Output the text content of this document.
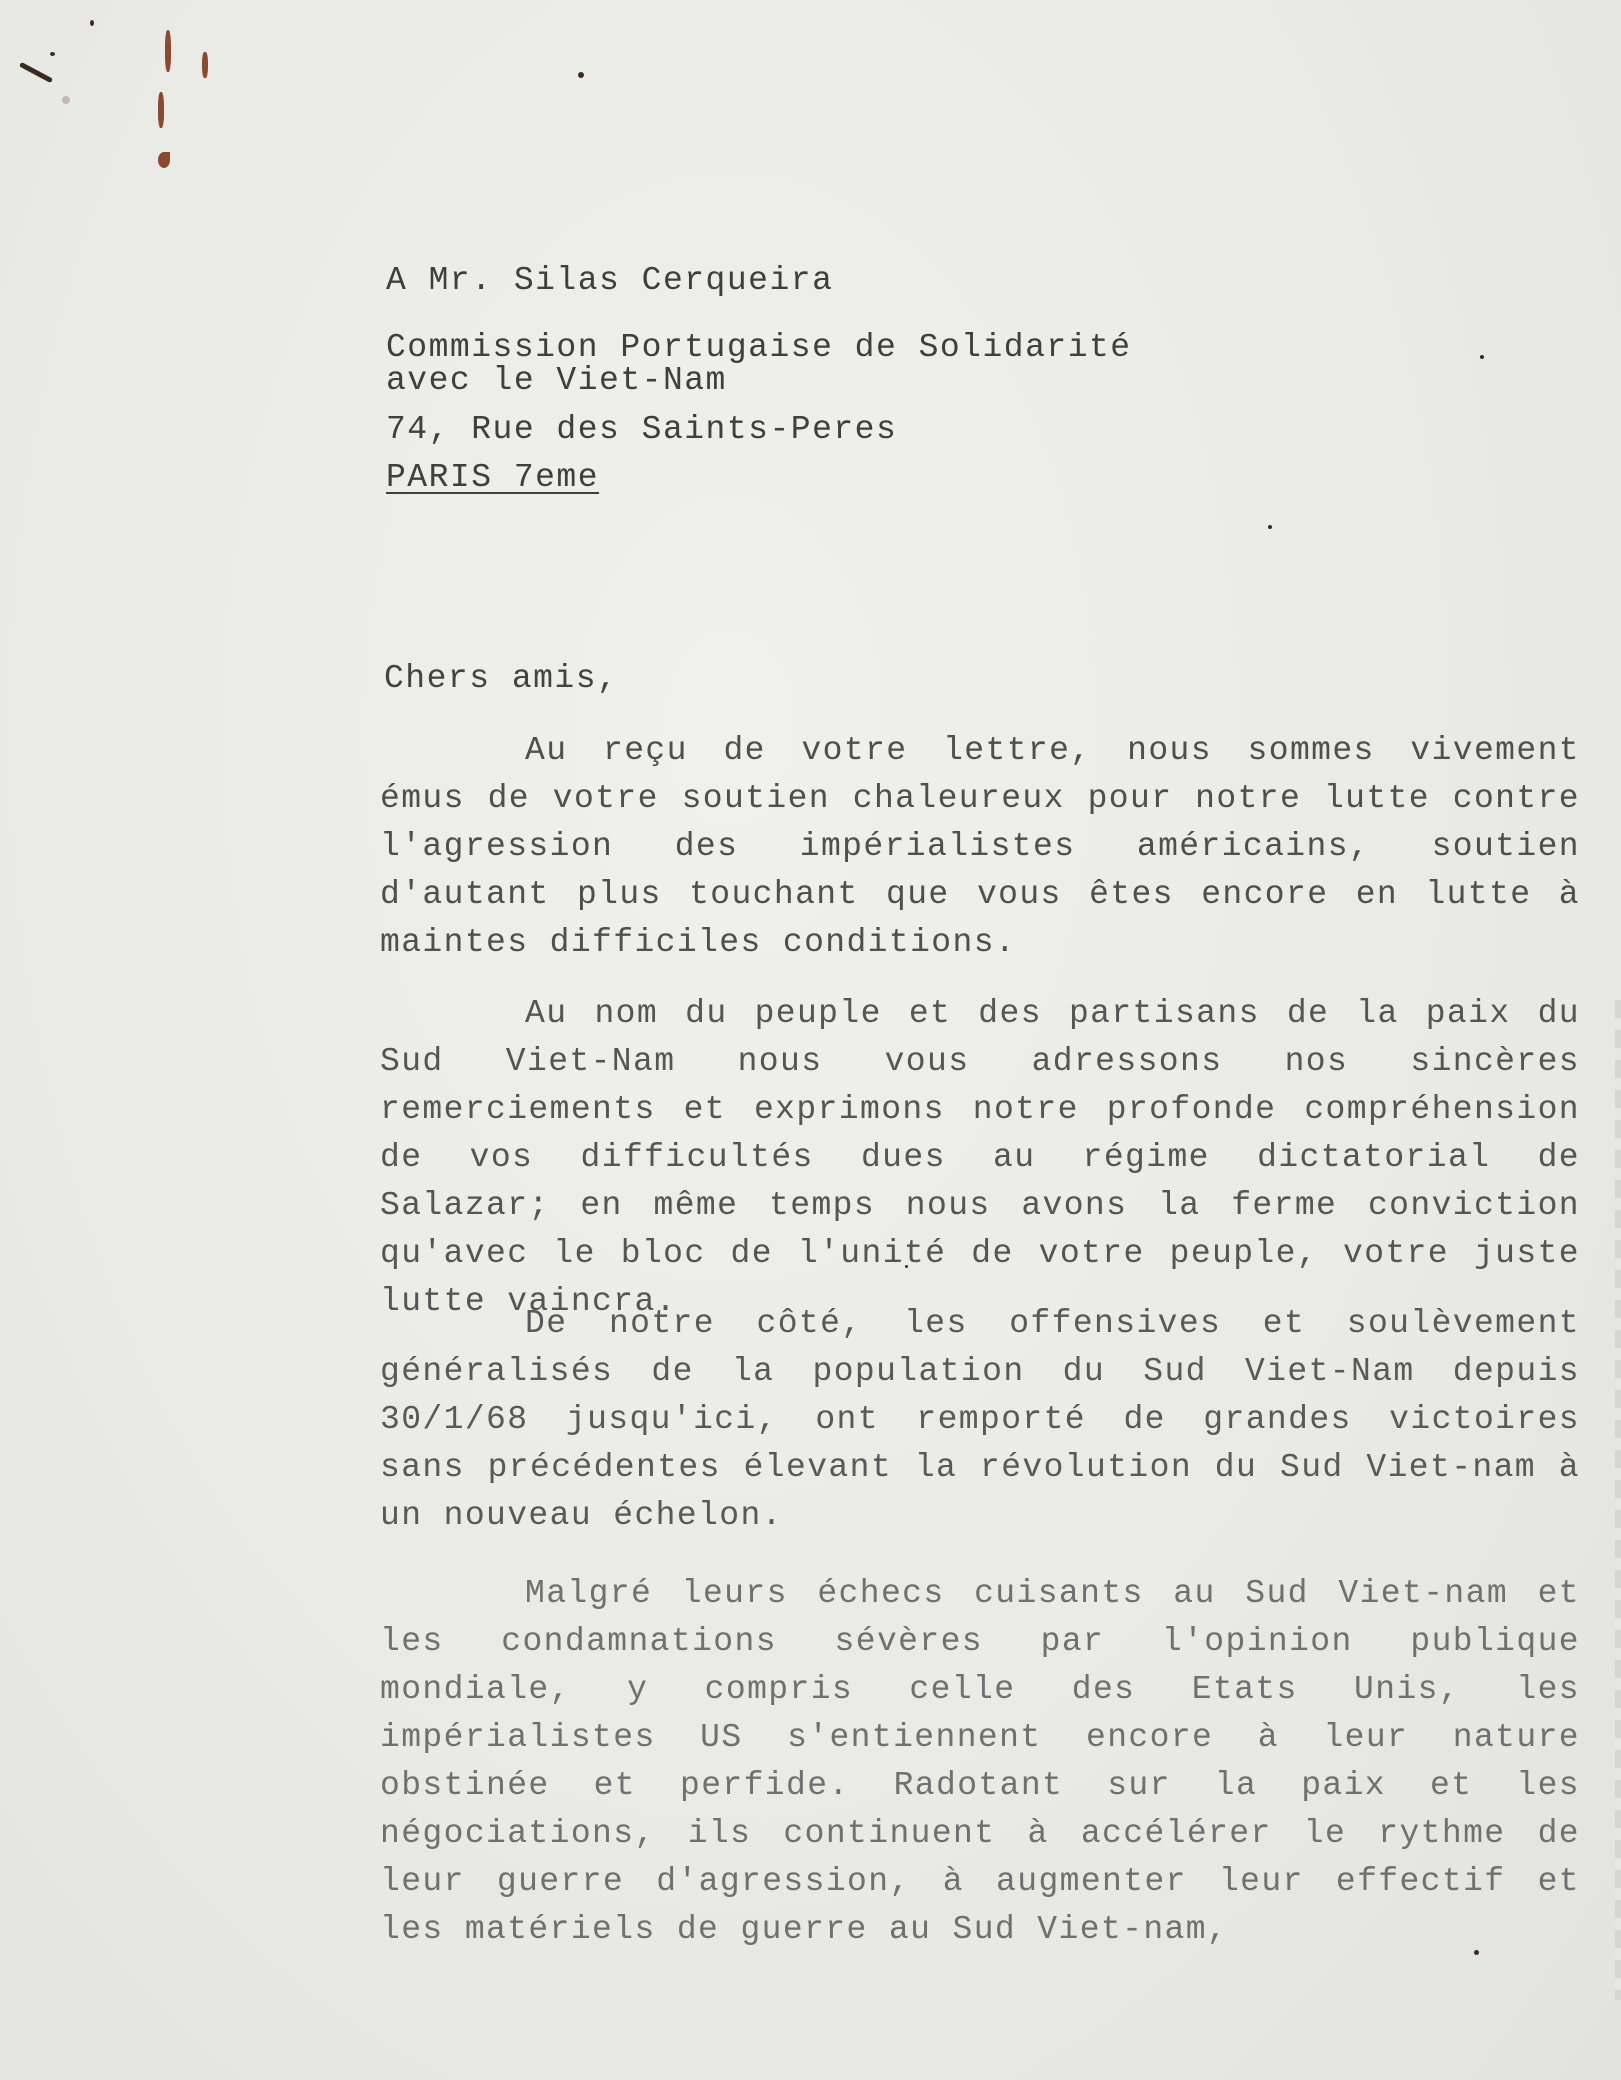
A Mr. Silas Cerqueira
Commission Portugaise de Solidarité
avec le Viet-Nam
74, Rue des Saints-Peres
PARIS 7eme
Chers amis,

Au reçu de votre lettre, nous sommes vivement émus de votre soutien chaleureux pour notre lutte contre l'agression des impérialistes américains, soutien d'autant plus touchant que vous êtes encore en lutte à maintes difficiles conditions.

Au nom du peuple et des partisans de la paix du Sud Viet-Nam nous vous adressons nos sincères remerciements et exprimons notre profonde compréhension de vos difficultés dues au régime dictatorial de Salazar; en même temps nous avons la ferme conviction qu'avec le bloc de l'unité de votre peuple, votre juste lutte vaincra.

De notre côté, les offensives et soulèvement généralisés de la population du Sud Viet-Nam depuis 30/1/68 jusqu'ici, ont remporté de grandes victoires sans précédentes élevant la révolution du Sud Viet-nam à un nouveau échelon.

Malgré leurs échecs cuisants au Sud Viet-nam et les condamnations sévères par l'opinion publique mondiale, y compris celle des Etats Unis, les impérialistes US s'entiennent encore à leur nature obstinée et perfide. Radotant sur la paix et les négociations, ils continuent à accélérer le rythme de leur guerre d'agression, à augmenter leur effectif et les matériels de guerre au Sud Viet-nam,
